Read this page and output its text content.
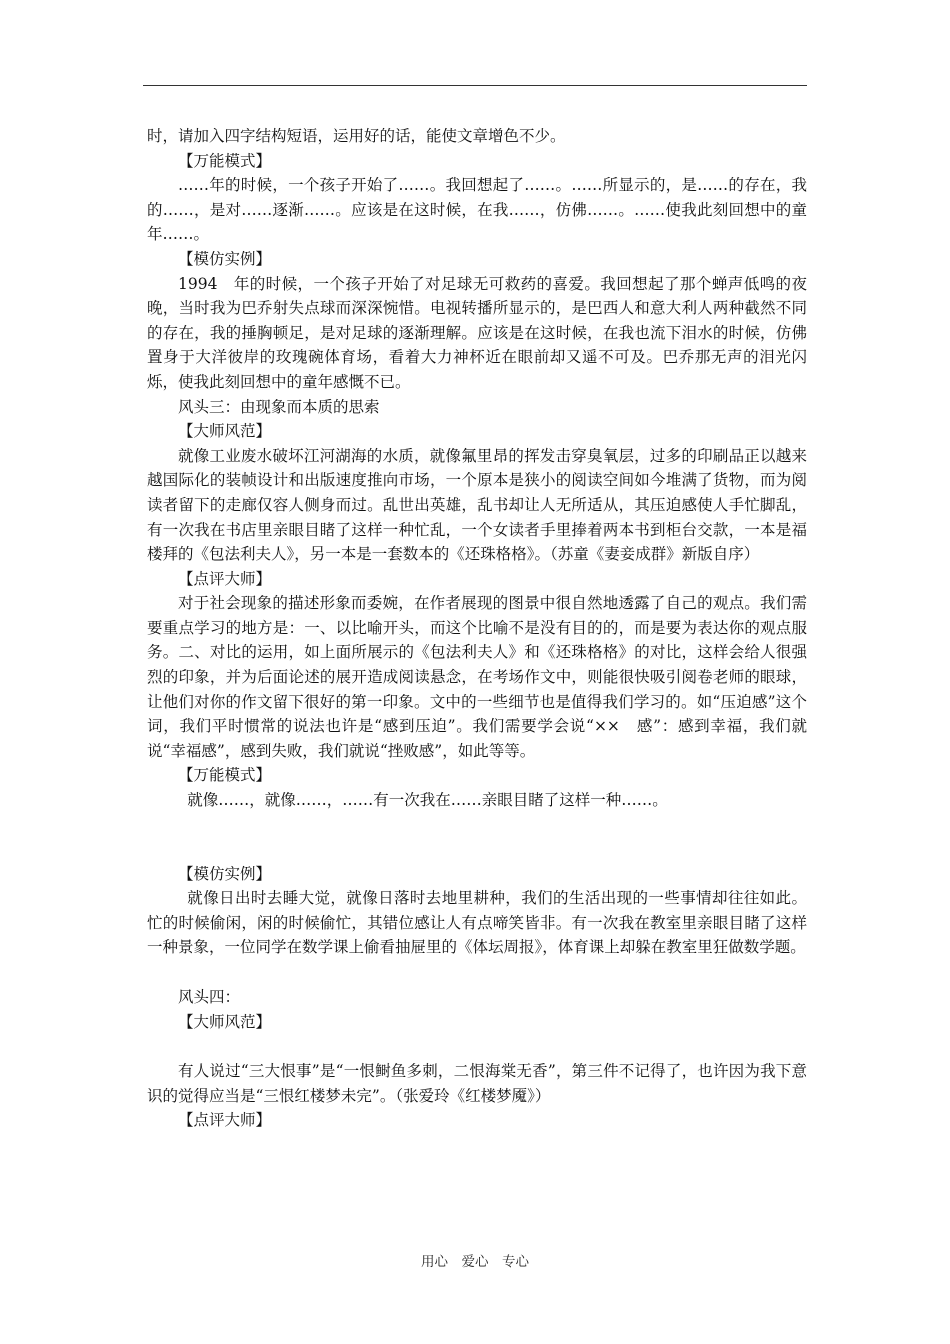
时，请加入四字结构短语，运用好的话，能使文章增色不少。

【万能模式】

……年的时候，一个孩子开始了……。我回想起了……。……所显示的，是……的存在，我的……，是对……逐渐……。应该是在这时候，在我……，仿佛……。……使我此刻回想中的童年……。

【模仿实例】

1994　年的时候，一个孩子开始了对足球无可救药的喜爱。我回想起了那个蝉声低鸣的夜晚，当时我为巴乔射失点球而深深惋惜。电视转播所显示的，是巴西人和意大利人两种截然不同的存在，我的捶胸顿足，是对足球的逐渐理解。应该是在这时候，在我也流下泪水的时候，仿佛置身于大洋彼岸的玫瑰碗体育场，看着大力神杯近在眼前却又遥不可及。巴乔那无声的泪光闪烁，使我此刻回想中的童年感慨不已。

风头三：由现象而本质的思索

【大师风范】

就像工业废水破坏江河湖海的水质，就像氟里昂的挥发击穿臭氧层，过多的印刷品正以越来越国际化的装帧设计和出版速度推向市场，一个原本是狭小的阅读空间如今堆满了货物，而为阅读者留下的走廊仅容人侧身而过。乱世出英雄，乱书却让人无所适从，其压迫感使人手忙脚乱，有一次我在书店里亲眼目睹了这样一种忙乱，一个女读者手里捧着两本书到柜台交款，一本是福楼拜的《包法利夫人》，另一本是一套数本的《还珠格格》。（苏童《妻妾成群》新版自序）

【点评大师】

对于社会现象的描述形象而委婉，在作者展现的图景中很自然地透露了自己的观点。我们需要重点学习的地方是：一、以比喻开头，而这个比喻不是没有目的的，而是要为表达你的观点服务。二、对比的运用，如上面所展示的《包法利夫人》和《还珠格格》的对比，这样会给人很强烈的印象，并为后面论述的展开造成阅读悬念，在考场作文中，则能很快吸引阅卷老师的眼球，让他们对你的作文留下很好的第一印象。文中的一些细节也是值得我们学习的。如“压迫感”这个词，我们平时惯常的说法也许是“感到压迫”。我们需要学会说“××　感”：感到幸福，我们就说“幸福感”，感到失败，我们就说“挫败感”，如此等等。

【万能模式】

就像……，就像……，……有一次我在……亲眼目睹了这样一种……。

【模仿实例】

就像日出时去睡大觉，就像日落时去地里耕种，我们的生活出现的一些事情却往往如此。忙的时候偷闲，闲的时候偷忙，其错位感让人有点啼笑皆非。有一次我在教室里亲眼目睹了这样一种景象，一位同学在数学课上偷看抽屉里的《体坛周报》，体育课上却躲在教室里狂做数学题。

风头四：

【大师风范】

有人说过“三大恨事”是“一恨鲥鱼多刺，二恨海棠无香”，第三件不记得了，也许因为我下意识的觉得应当是“三恨红楼梦未完”。（张爱玲《红楼梦魇》）

【点评大师】

用心　爱心　专心
